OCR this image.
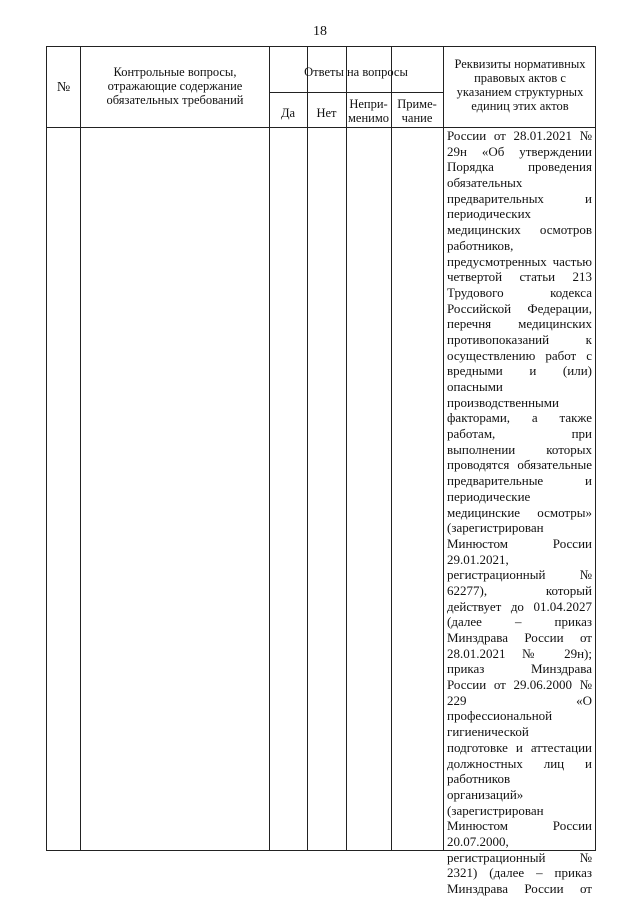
18
№
Контрольные вопросы, отражающие содержание обязательных требований
Ответы на вопросы
Да	Нет
Непри-
менимо
Приме-
чание
Реквизиты нормативных правовых актов с указанием структурных единиц этих актов
России от 28.01.2021 №
29н «Об утверждении
Порядка проведения
обязательных
предварительных и
периодических
медицинских осмотров
работников,
предусмотренных частью
четвертой статьи 213
Трудового кодекса
Российской Федерации,
перечня медицинских
противопоказаний к
осуществлению работ с
вредными и (или)
опасными
производственными
факторами, а также
работам, при
выполнении которых
проводятся обязательные
предварительные и
периодические
медицинские осмотры»
(зарегистрирован
Минюстом России
29.01.2021,
регистрационный №
62277), который
действует до 01.04.2027
(далее – приказ
Минздрава России от
28.01.2021 № 29н);
приказ Минздрава
России от 29.06.2000 №
229 «О
профессиональной
гигиенической
подготовке и аттестации
должностных лиц и
работников
организаций»
(зарегистрирован
Минюстом России
20.07.2000,
регистрационный №
2321) (далее – приказ
Минздрава России от
